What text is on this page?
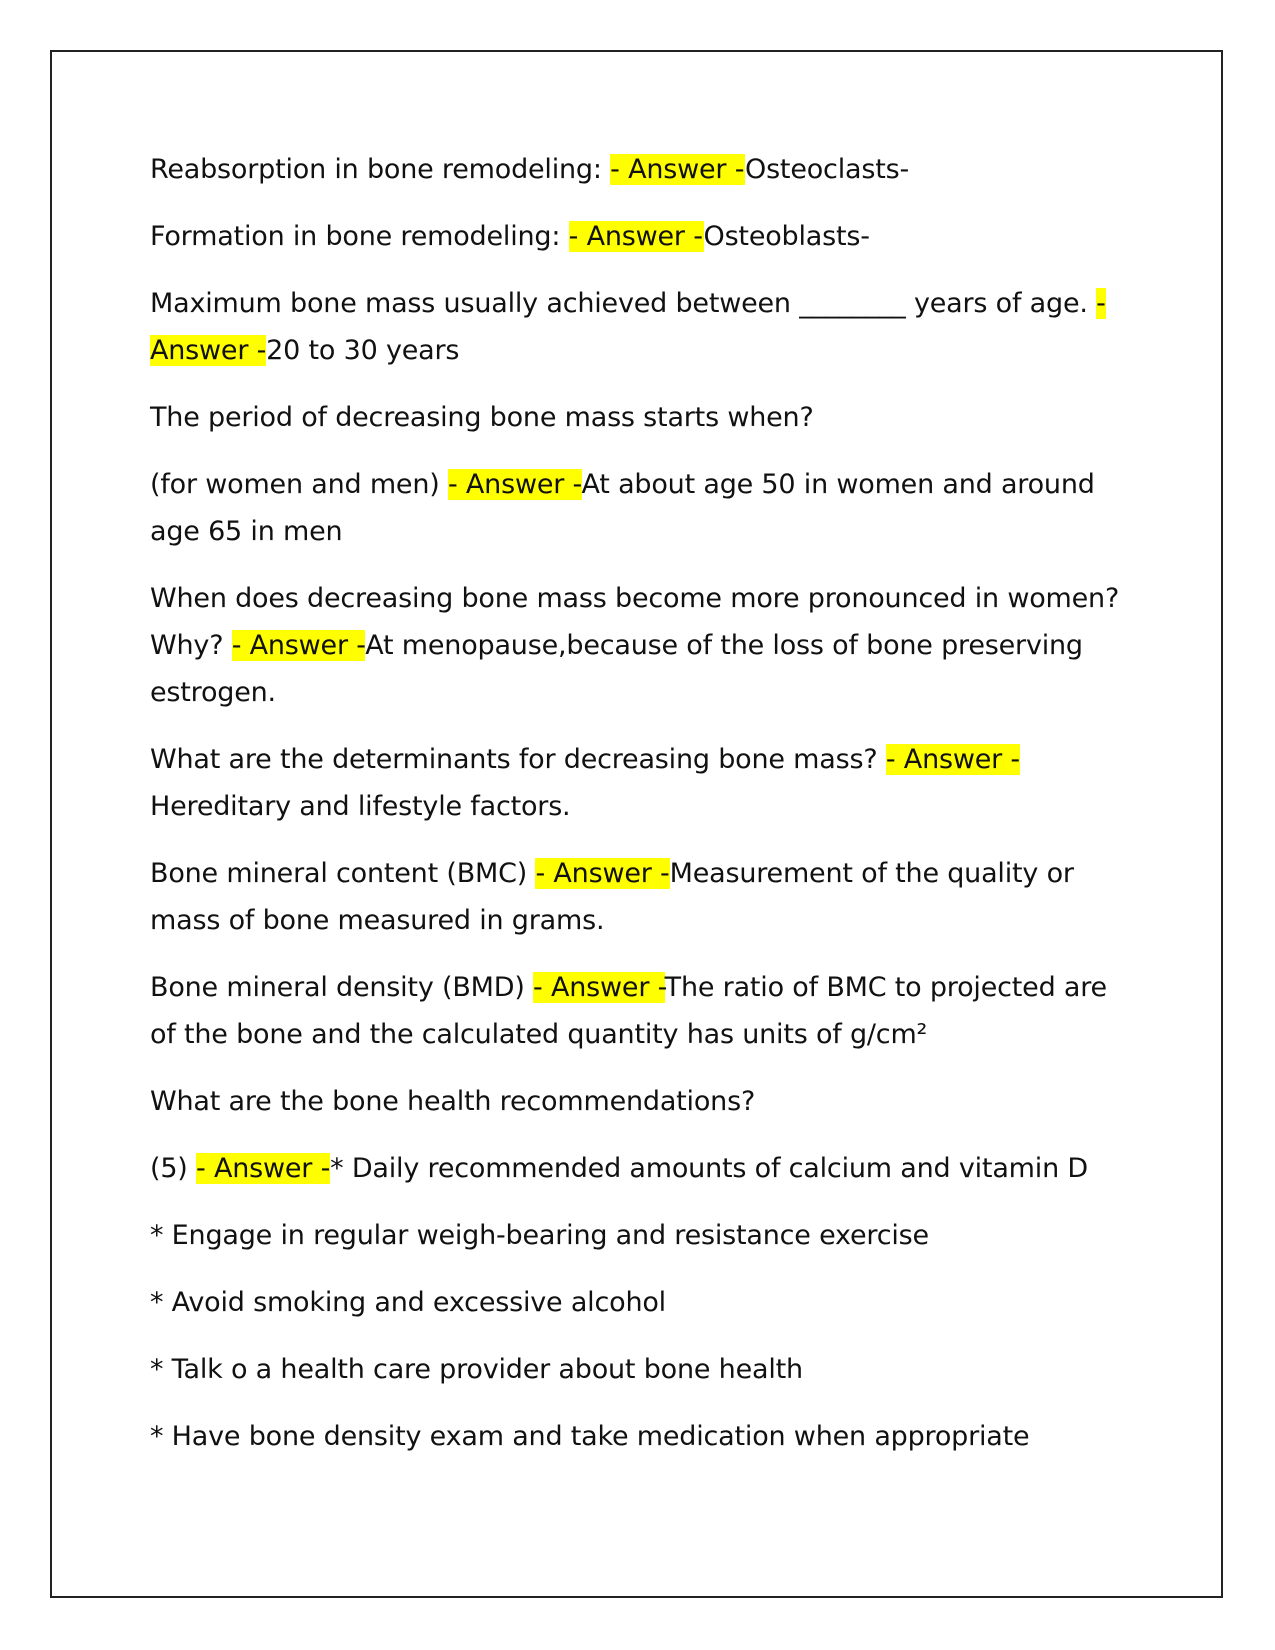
Reabsorption in bone remodeling: - Answer -Osteoclasts-

Formation in bone remodeling: - Answer -Osteoblasts-

Maximum bone mass usually achieved between ________ years of age. - Answer -20 to 30 years

The period of decreasing bone mass starts when?

(for women and men) - Answer -At about age 50 in women and around age 65 in men

When does decreasing bone mass become more pronounced in women? Why? - Answer -At menopause,because of the loss of bone preserving estrogen.

What are the determinants for decreasing bone mass? - Answer -Hereditary and lifestyle factors.

Bone mineral content (BMC) - Answer -Measurement of the quality or mass of bone measured in grams.

Bone mineral density (BMD) - Answer -The ratio of BMC to projected are of the bone and the calculated quantity has units of g/cm²

What are the bone health recommendations?

(5) - Answer -* Daily recommended amounts of calcium and vitamin D

* Engage in regular weigh-bearing and resistance exercise

* Avoid smoking and excessive alcohol

* Talk o a health care provider about bone health

* Have bone density exam and take medication when appropriate
